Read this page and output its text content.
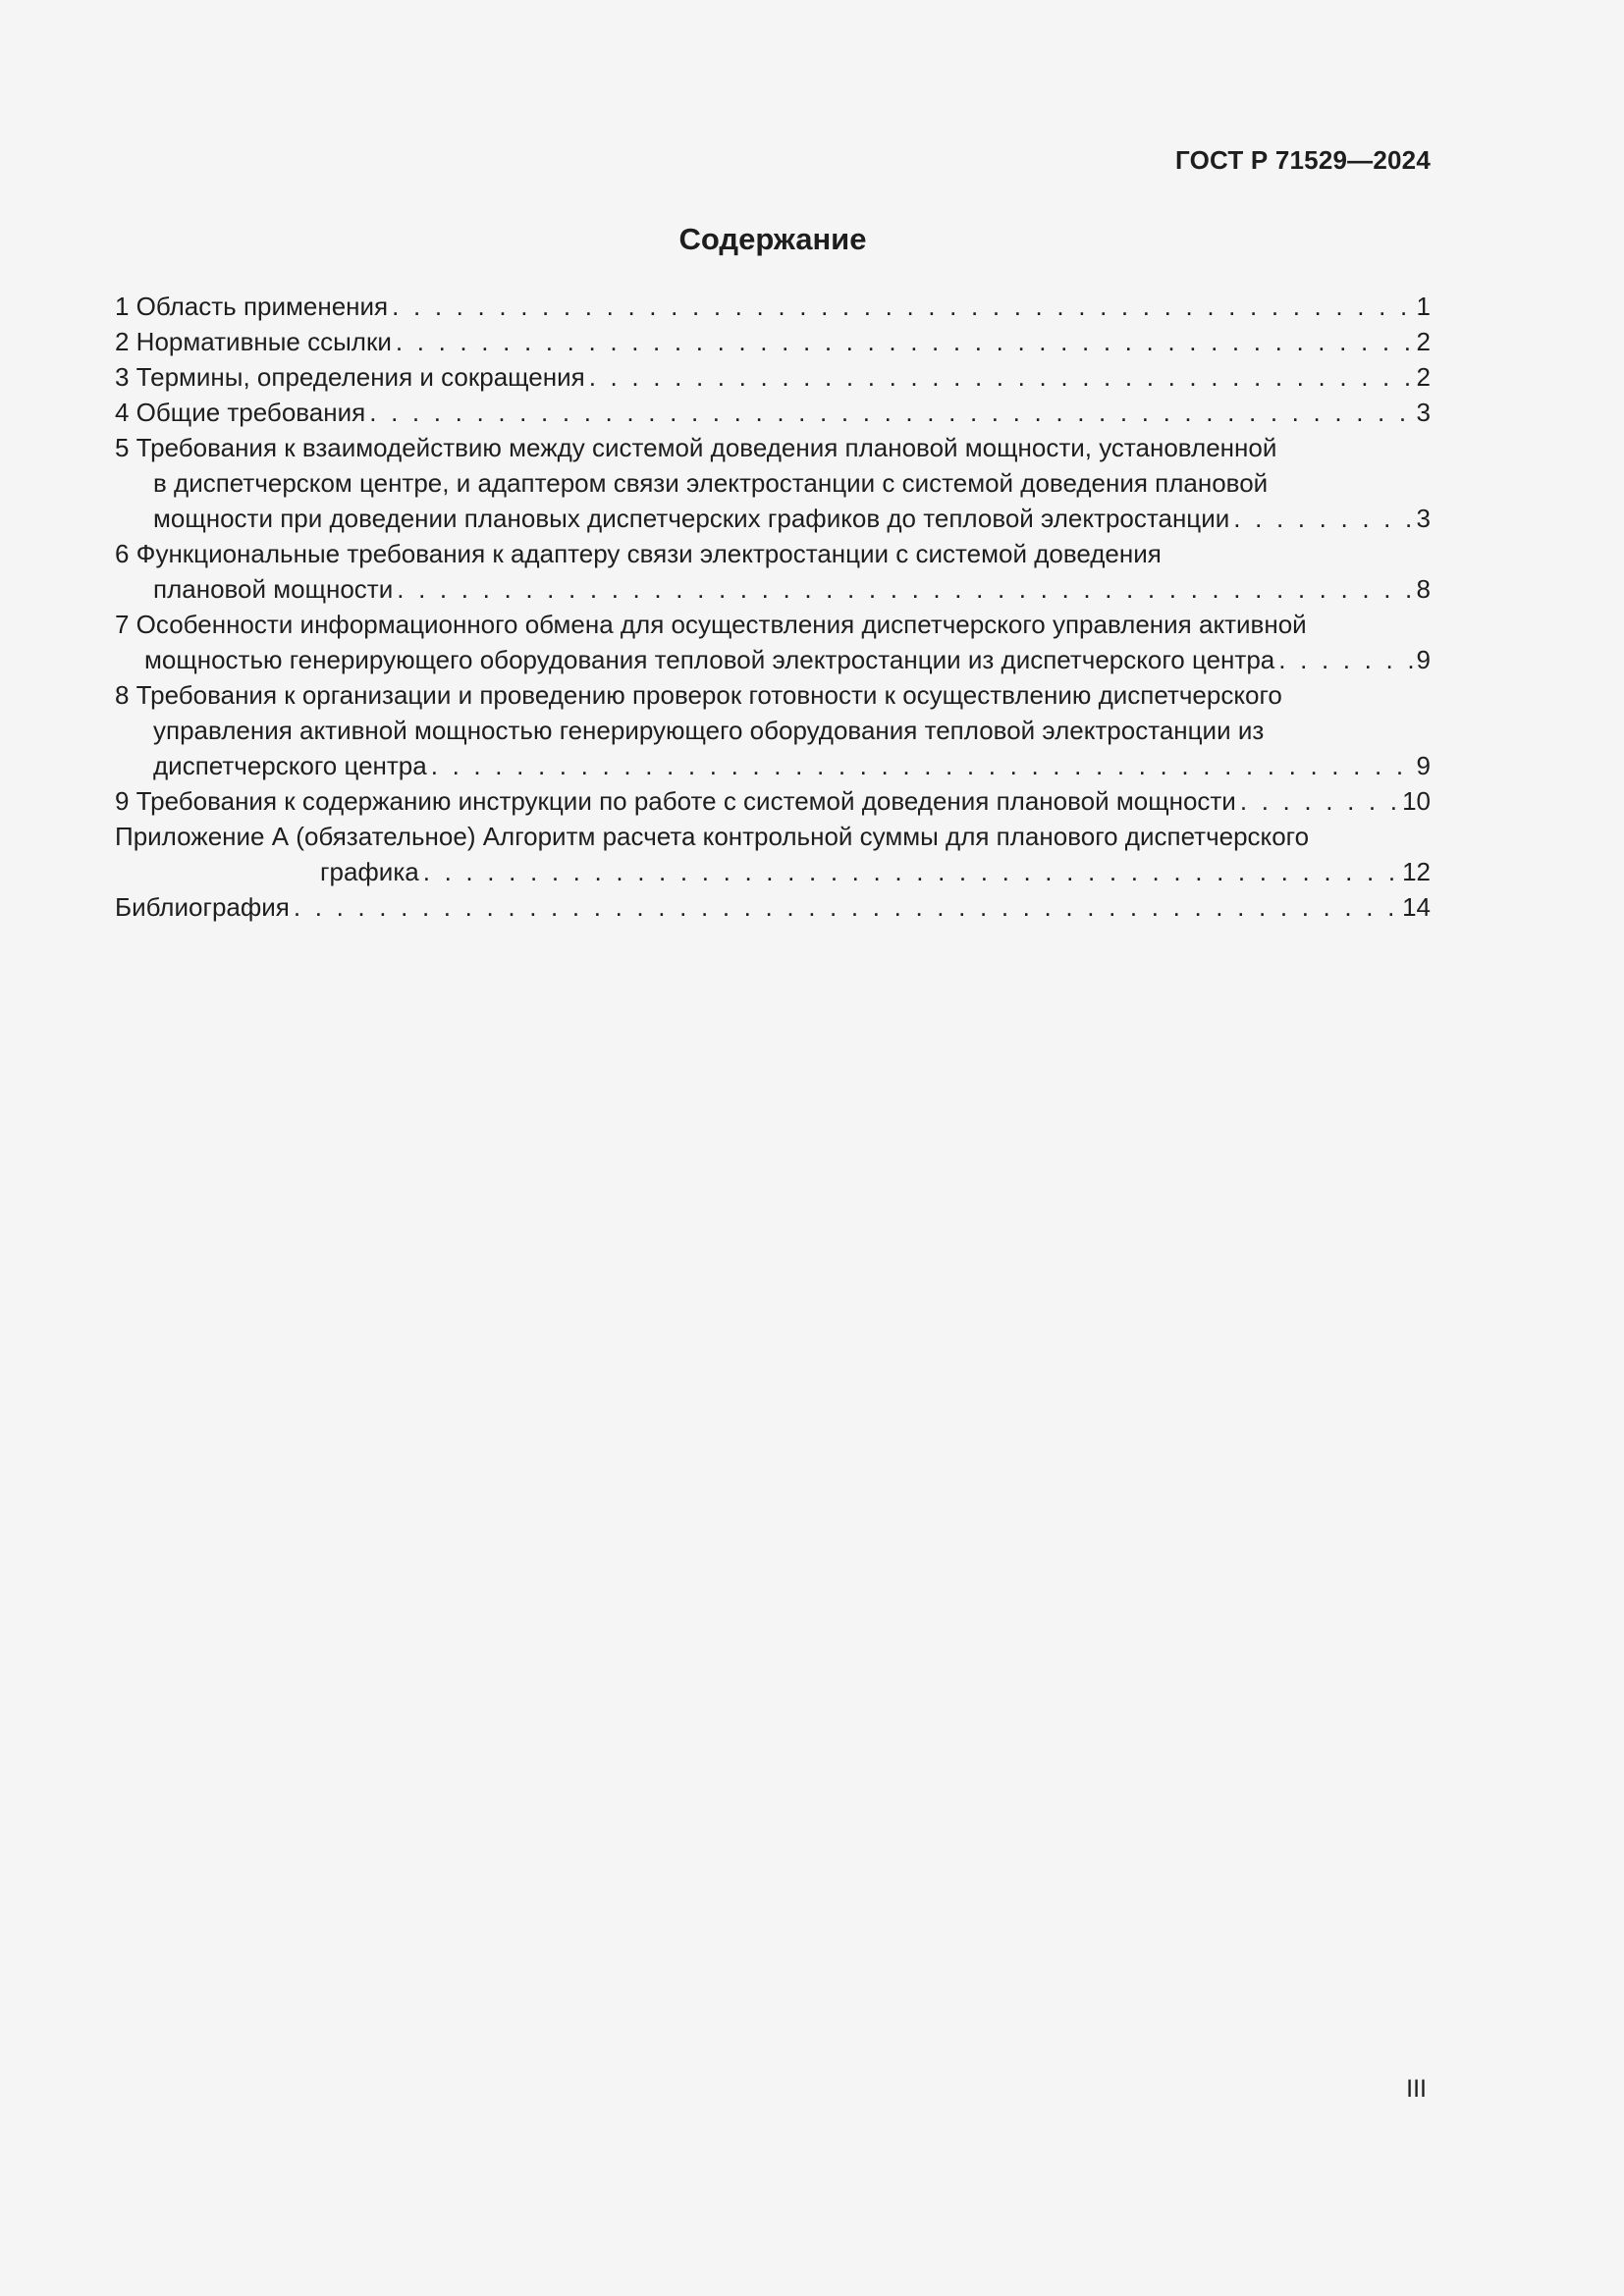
ГОСТ Р 71529—2024
Содержание
1 Область применения . . .	1
2 Нормативные ссылки . . .	2
3 Термины, определения и сокращения . . .	2
4 Общие требования . . .	3
5 Требования к взаимодействию между системой доведения плановой мощности, установленной
в диспетчерском центре, и адаптером связи электростанции с системой доведения плановой
мощности при доведении плановых диспетчерских графиков до тепловой электростанции . . .	3
6 Функциональные требования к адаптеру связи электростанции с системой доведения
плановой мощности . . .	8
7 Особенности информационного обмена для осуществления диспетчерского управления активной
мощностью генерирующего оборудования тепловой электростанции из диспетчерского центра . . .	9
8 Требования к организации и проведению проверок готовности к осуществлению диспетчерского
управления активной мощностью генерирующего оборудования тепловой электростанции из
диспетчерского центра . . .	9
9 Требования к содержанию инструкции по работе с системой доведения плановой мощности . . .	10
Приложение А (обязательное) Алгоритм расчета контрольной суммы для планового диспетчерского
графика . . .	12
Библиография . . .	14
III
